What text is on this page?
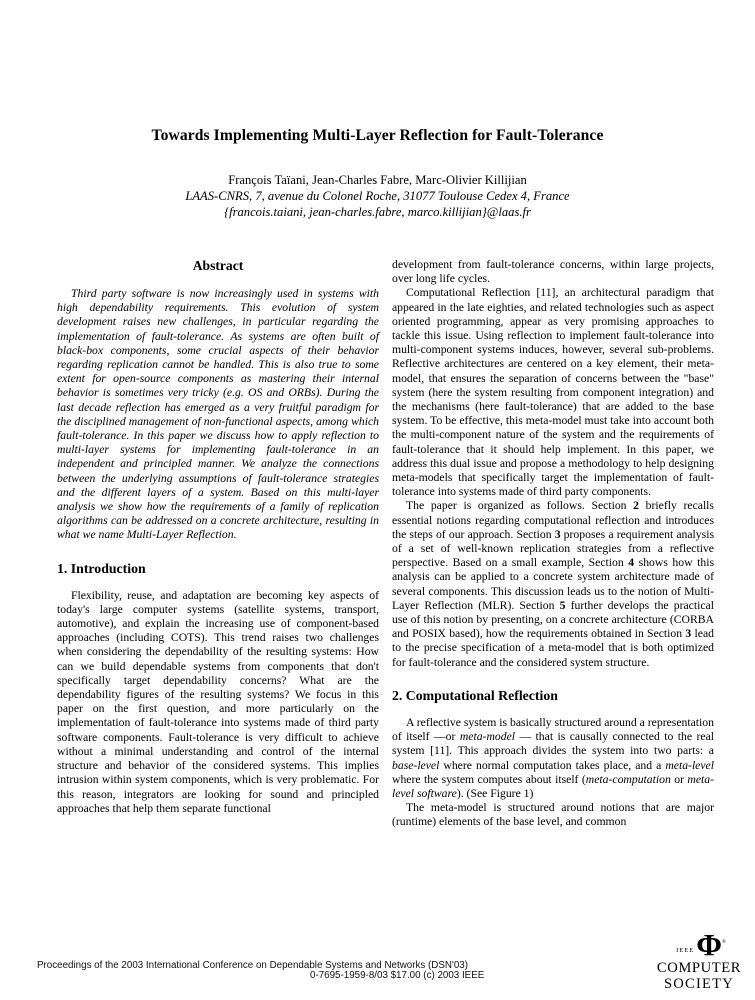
Towards Implementing Multi-Layer Reflection for Fault-Tolerance
François Taïani, Jean-Charles Fabre, Marc-Olivier Killijian
LAAS-CNRS, 7, avenue du Colonel Roche, 31077 Toulouse Cedex 4, France
{francois.taiani, jean-charles.fabre, marco.killijian}@laas.fr
Abstract

Third party software is now increasingly used in systems with high dependability requirements. This evolution of system development raises new challenges, in particular regarding the implementation of fault-tolerance. As systems are often built of black-box components, some crucial aspects of their behavior regarding replication cannot be handled. This is also true to some extent for open-source components as mastering their internal behavior is sometimes very tricky (e.g. OS and ORBs). During the last decade reflection has emerged as a very fruitful paradigm for the disciplined management of non-functional aspects, among which fault-tolerance. In this paper we discuss how to apply reflection to multi-layer systems for implementing fault-tolerance in an independent and principled manner. We analyze the connections between the underlying assumptions of fault-tolerance strategies and the different layers of a system. Based on this multi-layer analysis we show how the requirements of a family of replication algorithms can be addressed on a concrete architecture, resulting in what we name Multi-Layer Reflection.

1. Introduction

Flexibility, reuse, and adaptation are becoming key aspects of today's large computer systems (satellite systems, transport, automotive), and explain the increasing use of component-based approaches (including COTS). This trend raises two challenges when considering the dependability of the resulting systems: How can we build dependable systems from components that don't specifically target dependability concerns? What are the dependability figures of the resulting systems? We focus in this paper on the first question, and more particularly on the implementation of fault-tolerance into systems made of third party software components. Fault-tolerance is very difficult to achieve without a minimal understanding and control of the internal structure and behavior of the considered systems. This implies intrusion within system components, which is very problematic. For this reason, integrators are looking for sound and principled approaches that help them separate functional

development from fault-tolerance concerns, within large projects, over long life cycles.

Computational Reflection [11], an architectural paradigm that appeared in the late eighties, and related technologies such as aspect oriented programming, appear as very promising approaches to tackle this issue. Using reflection to implement fault-tolerance into multi-component systems induces, however, several sub-problems. Reflective architectures are centered on a key element, their meta-model, that ensures the separation of concerns between the "base" system (here the system resulting from component integration) and the mechanisms (here fault-tolerance) that are added to the base system. To be effective, this meta-model must take into account both the multi-component nature of the system and the requirements of fault-tolerance that it should help implement. In this paper, we address this dual issue and propose a methodology to help designing meta-models that specifically target the implementation of fault-tolerance into systems made of third party components.

The paper is organized as follows. Section 2 briefly recalls essential notions regarding computational reflection and introduces the steps of our approach. Section 3 proposes a requirement analysis of a set of well-known replication strategies from a reflective perspective. Based on a small example, Section 4 shows how this analysis can be applied to a concrete system architecture made of several components. This discussion leads us to the notion of Multi-Layer Reflection (MLR). Section 5 further develops the practical use of this notion by presenting, on a concrete architecture (CORBA and POSIX based), how the requirements obtained in Section 3 lead to the precise specification of a meta-model that is both optimized for fault-tolerance and the considered system structure.

2. Computational Reflection

A reflective system is basically structured around a representation of itself —or meta-model — that is causally connected to the real system [11]. This approach divides the system into two parts: a base-level where normal computation takes place, and a meta-level where the system computes about itself (meta-computation or meta-level software). (See Figure 1)

The meta-model is structured around notions that are major (runtime) elements of the base level, and common

Proceedings of the 2003 International Conference on Dependable Systems and Networks (DSN'03)
0-7695-1959-8/03 $17.00 (c) 2003 IEEE
IEEE Φ ®
COMPUTER
SOCIETY
